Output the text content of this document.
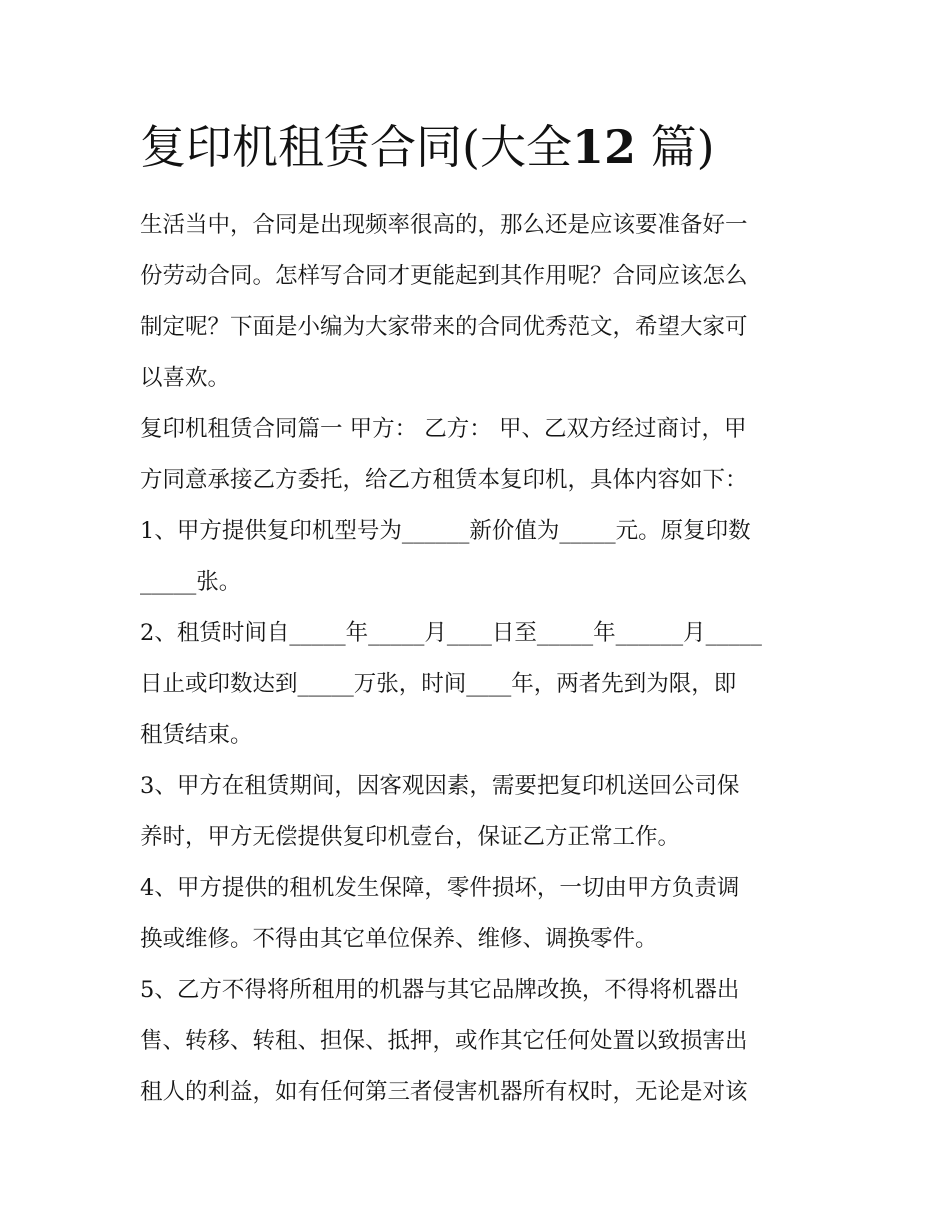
复印机租赁合同(大全12 篇)
生活当中，合同是出现频率很高的，那么还是应该要准备好一
份劳动合同。怎样写合同才更能起到其作用呢？合同应该怎么
制定呢？下面是小编为大家带来的合同优秀范文，希望大家可
以喜欢。
复印机租赁合同篇一 甲方： 乙方： 甲、乙双方经过商讨，甲
方同意承接乙方委托，给乙方租赁本复印机，具体内容如下：
1、甲方提供复印机型号为______新价值为_____元。原复印数
_____张。
2、租赁时间自_____年_____月____日至_____年______月_____
日止或印数达到_____万张，时间____年，两者先到为限，即
租赁结束。
3、甲方在租赁期间，因客观因素，需要把复印机送回公司保
养时，甲方无偿提供复印机壹台，保证乙方正常工作。
4、甲方提供的租机发生保障，零件损坏，一切由甲方负责调
换或维修。不得由其它单位保养、维修、调换零件。
5、乙方不得将所租用的机器与其它品牌改换，不得将机器出
售、转移、转租、担保、抵押，或作其它任何处置以致损害出
租人的利益，如有任何第三者侵害机器所有权时，无论是对该
